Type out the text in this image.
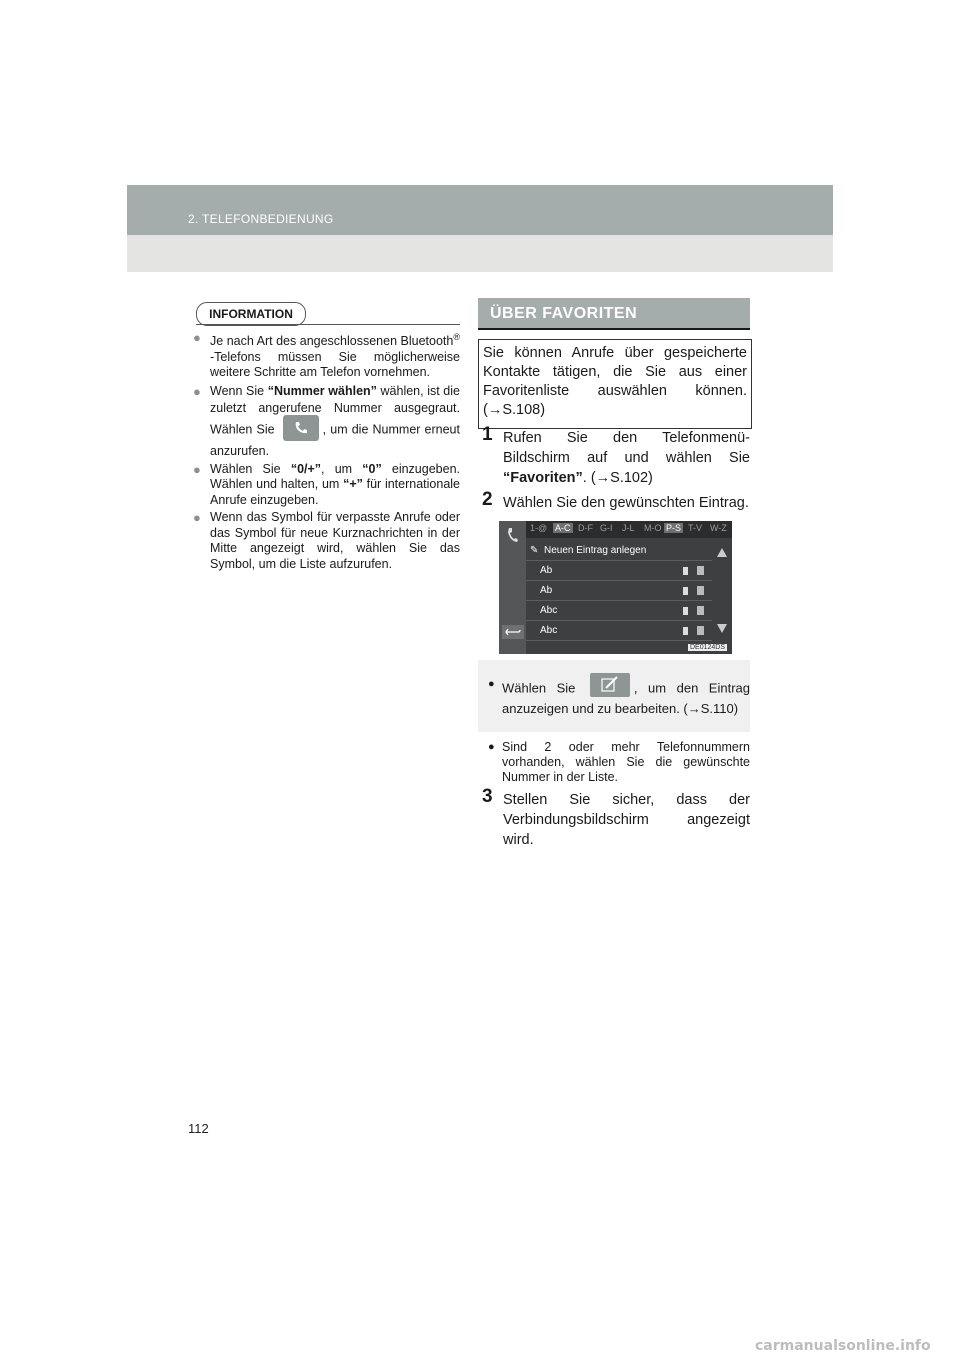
2. TELEFONBEDIENUNG
INFORMATION
● Je nach Art des angeschlossenen Bluetooth® -Telefons müssen Sie möglicherweise weitere Schritte am Telefon vornehmen.
● Wenn Sie “Nummer wählen” wählen, ist die zuletzt angerufene Nummer ausgegraut. Wählen Sie	, um die Nummer erneut anzurufen.
● Wählen Sie “0/+”, um “0” einzugeben. Wählen und halten, um “+” für internationale Anrufe einzugeben.
● Wenn das Symbol für verpasste Anrufe oder das Symbol für neue Kurznachrichten in der Mitte angezeigt wird, wählen Sie das Symbol, um die Liste aufzurufen.
ÜBER FAVORITEN
Sie können Anrufe über gespeicherte Kontakte tätigen, die Sie aus einer Favoritenliste auswählen können. (→S.108)
1 Rufen Sie den Telefonmenü-Bildschirm auf und wählen Sie “Favoriten”. (→S.102)
2 Wählen Sie den gewünschten Eintrag.
1-@ A-C D-F G-I J-L M-O P-S T-V W-Z
✎ Neuen Eintrag anlegen
Ab
Ab
Abc
Abc
DE0124DS
● Wählen Sie	, um den Eintrag anzuzeigen und zu bearbeiten. (→S.110)
● Sind 2 oder mehr Telefonnummern vorhanden, wählen Sie die gewünschte Nummer in der Liste.
3 Stellen Sie sicher, dass der Verbindungsbildschirm angezeigt wird.
112
carmanualsonline.info
